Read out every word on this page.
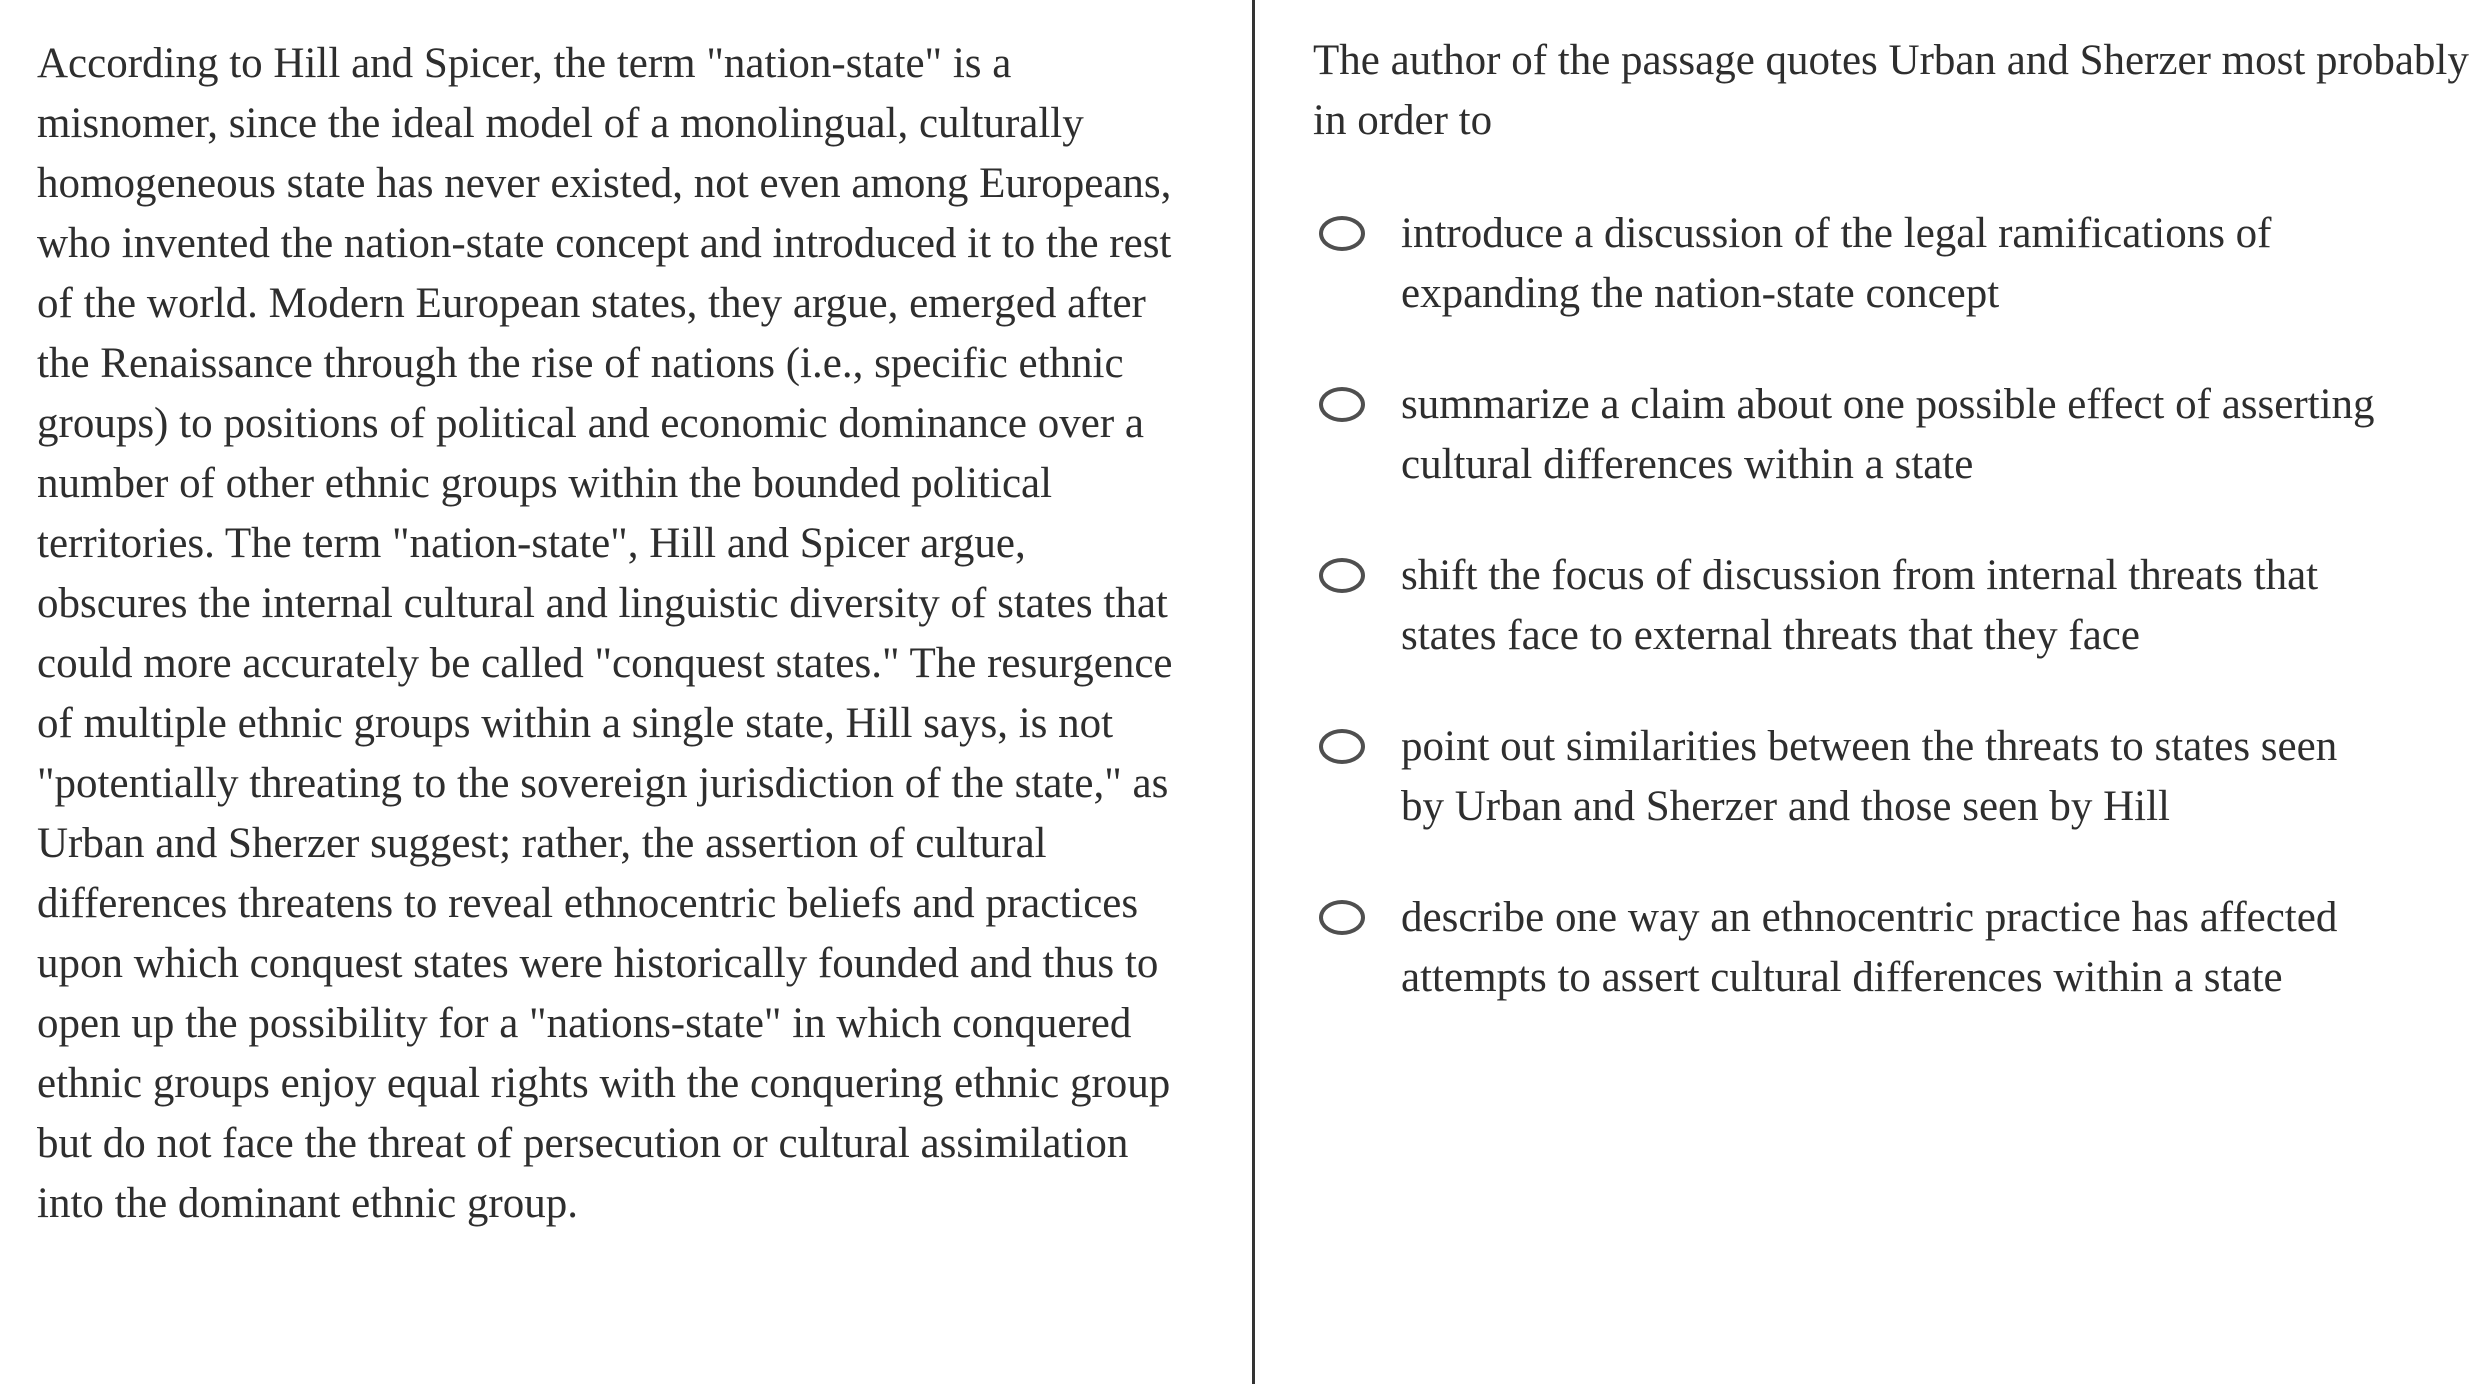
According to Hill and Spicer, the term "nation-state" is a
misnomer, since the ideal model of a monolingual, culturally
homogeneous state has never existed, not even among Europeans,
who invented the nation-state concept and introduced it to the rest
of the world. Modern European states, they argue, emerged after
the Renaissance through the rise of nations (i.e., specific ethnic
groups) to positions of political and economic dominance over a
number of other ethnic groups within the bounded political
territories. The term "nation-state", Hill and Spicer argue,
obscures the internal cultural and linguistic diversity of states that
could more accurately be called "conquest states." The resurgence
of multiple ethnic groups within a single state, Hill says, is not
"potentially threating to the sovereign jurisdiction of the state," as
Urban and Sherzer suggest; rather, the assertion of cultural
differences threatens to reveal ethnocentric beliefs and practices
upon which conquest states were historically founded and thus to
open up the possibility for a "nations-state" in which conquered
ethnic groups enjoy equal rights with the conquering ethnic group
but do not face the threat of persecution or cultural assimilation
into the dominant ethnic group.
The author of the passage quotes Urban and Sherzer most probably
in order to
introduce a discussion of the legal ramifications of
expanding the nation-state concept
summarize a claim about one possible effect of asserting
cultural differences within a state
shift the focus of discussion from internal threats that
states face to external threats that they face
point out similarities between the threats to states seen
by Urban and Sherzer and those seen by Hill
describe one way an ethnocentric practice has affected
attempts to assert cultural differences within a state
